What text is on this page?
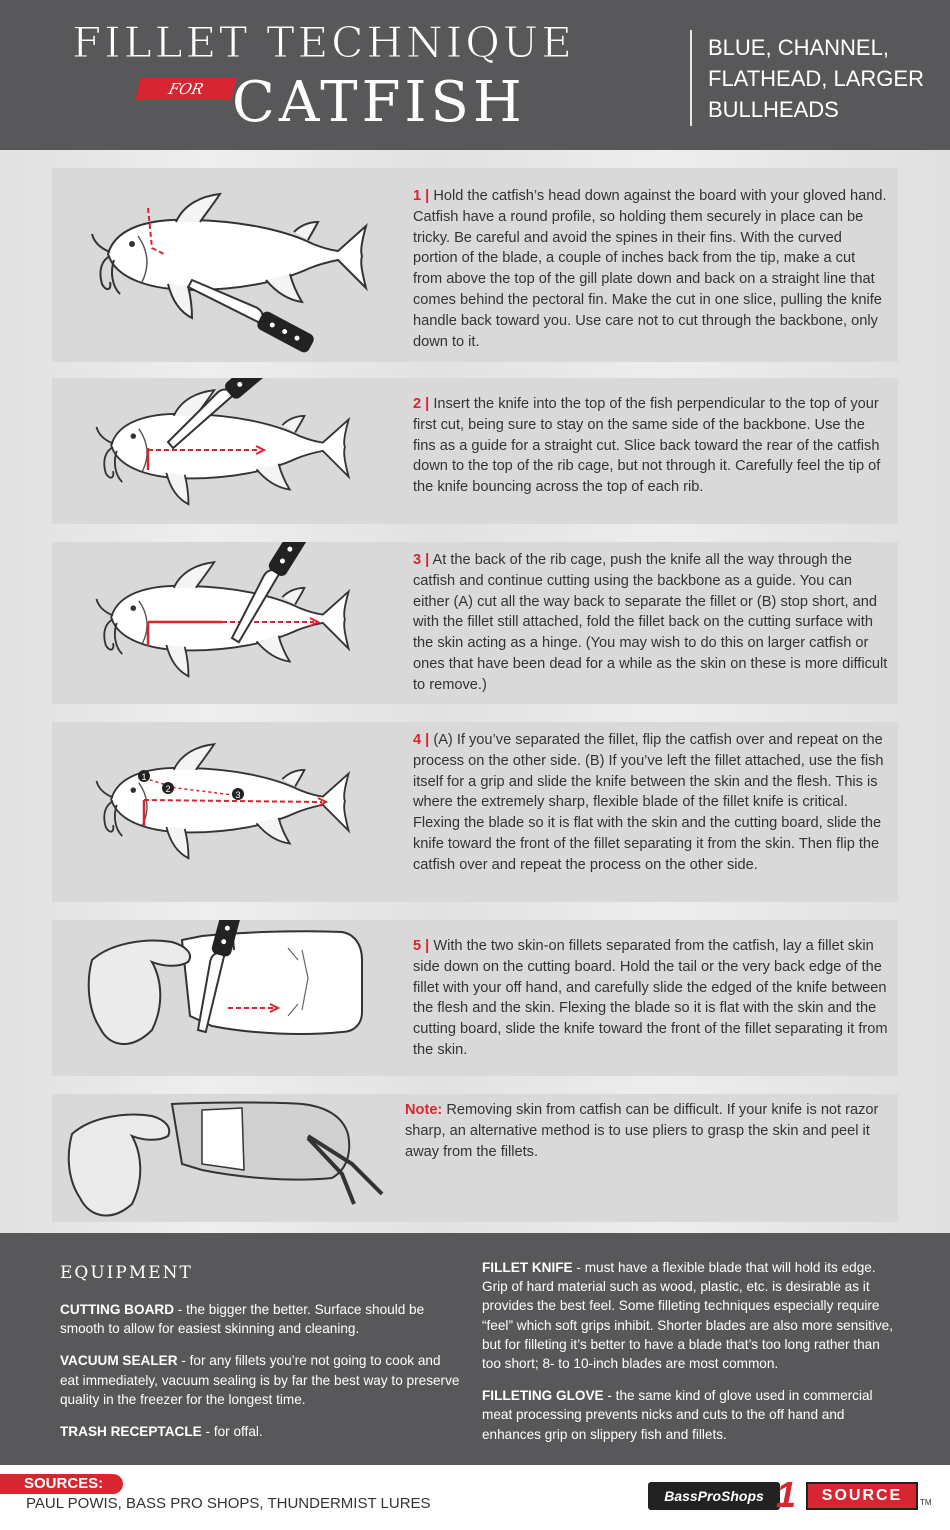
FILLET TECHNIQUE
FOR CATFISH
BLUE, CHANNEL,
FLATHEAD, LARGER
BULLHEADS
1 | Hold the catfish’s head down against the board with your gloved hand. Catfish have a round profile, so holding them securely in place can be tricky. Be careful and avoid the spines in their fins. With the curved portion of the blade, a couple of inches back from the tip, make a cut from above the top of the gill plate down and back on a straight line that comes behind the pectoral fin. Make the cut in one slice, pulling the knife handle back toward you. Use care not to cut through the backbone, only down to it.
2 | Insert the knife into the top of the fish perpendicular to the top of your first cut, being sure to stay on the same side of the backbone. Use the fins as a guide for a straight cut. Slice back toward the rear of the catfish down to the top of the rib cage, but not through it. Carefully feel the tip of the knife bouncing across the top of each rib.
3 | At the back of the rib cage, push the knife all the way through the catfish and continue cutting using the backbone as a guide. You can either (A) cut all the way back to separate the fillet or (B) stop short, and with the fillet still attached, fold the fillet back on the cutting surface with the skin acting as a hinge. (You may wish to do this on larger catfish or ones that have been dead for a while as the skin on these is more difficult to remove.)
1
2
3
4 | (A) If you’ve separated the fillet, flip the catfish over and repeat on the process on the other side. (B) If you’ve left the fillet attached, use the fish itself for a grip and slide the knife between the skin and the flesh. This is where the extremely sharp, flexible blade of the fillet knife is critical. Flexing the blade so it is flat with the skin and the cutting board, slide the knife toward the front of the fillet separating it from the skin. Then flip the catfish over and repeat the process on the other side.
5 | With the two skin-on fillets separated from the catfish, lay a fillet skin side down on the cutting board. Hold the tail or the very back edge of the fillet with your off hand, and carefully slide the edged of the knife between the flesh and the skin. Flexing the blade so it is flat with the skin and the cutting board, slide the knife toward the front of the fillet separating it from the skin.
Note: Removing skin from catfish can be difficult. If your knife is not razor sharp, an alternative method is to use pliers to grasp the skin and peel it away from the fillets.
EQUIPMENT
CUTTING BOARD - the bigger the better. Surface should be smooth to allow for easiest skinning and cleaning.
VACUUM SEALER - for any fillets you’re not going to cook and eat immediately, vacuum sealing is by far the best way to preserve quality in the freezer for the longest time.
TRASH RECEPTACLE - for offal.
FILLET KNIFE - must have a flexible blade that will hold its edge. Grip of hard material such as wood, plastic, etc. is desirable as it provides the best feel. Some filleting techniques especially require “feel” which soft grips inhibit. Shorter blades are also more sensitive, but for filleting it’s better to have a blade that’s too long rather than too short; 8- to 10-inch blades are most common.
FILLETING GLOVE - the same kind of glove used in commercial meat processing prevents nicks and cuts to the off hand and enhances grip on slippery fish and fillets.
SOURCES:
PAUL POWIS, BASS PRO SHOPS, THUNDERMIST LURES	BassProShops 1	SOURCE	TM
